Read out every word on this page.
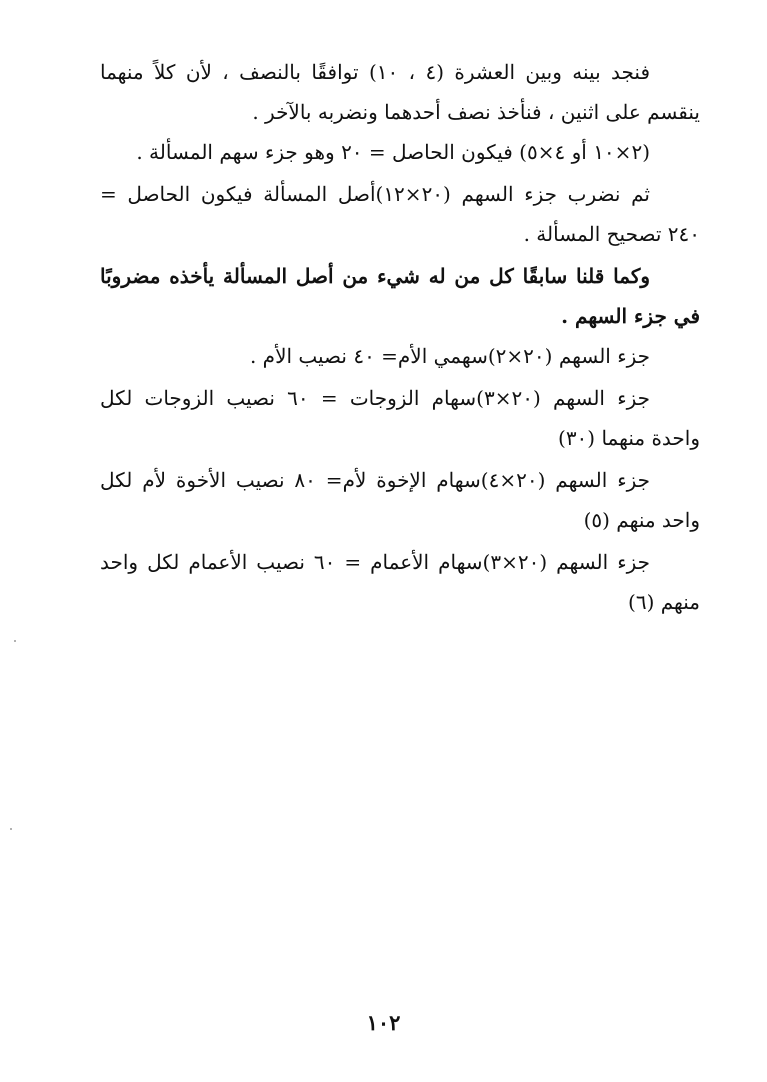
فنجد بينه وبين العشرة (٤ ، ١٠) توافقًا بالنصف ، لأن كلاً منهما ينقسم على اثنين ، فنأخذ نصف أحدهما ونضربه بالآخر .

(٢×١٠ أو ٤×٥) فيكون الحاصل = ٢٠ وهو جزء سهم المسألة .

ثم نضرب جزء السهم (٢٠×١٢)أصل المسألة فيكون الحاصل = ٢٤٠ تصحيح المسألة .

وكما قلنا سابقًا كل من له شيء من أصل المسألة يأخذه مضروبًا في جزء السهم .

جزء السهم (٢٠×٢)سهمي الأم= ٤٠ نصيب الأم .

جزء السهم (٢٠×٣)سهام الزوجات = ٦٠ نصيب الزوجات لكل واحدة منهما (٣٠)

جزء السهم (٢٠×٤)سهام الإخوة لأم= ٨٠ نصيب الأخوة لأم لكل واحد منهم (٥)

جزء السهم (٢٠×٣)سهام الأعمام = ٦٠ نصيب الأعمام لكل واحد منهم (٦)

١٠٢
